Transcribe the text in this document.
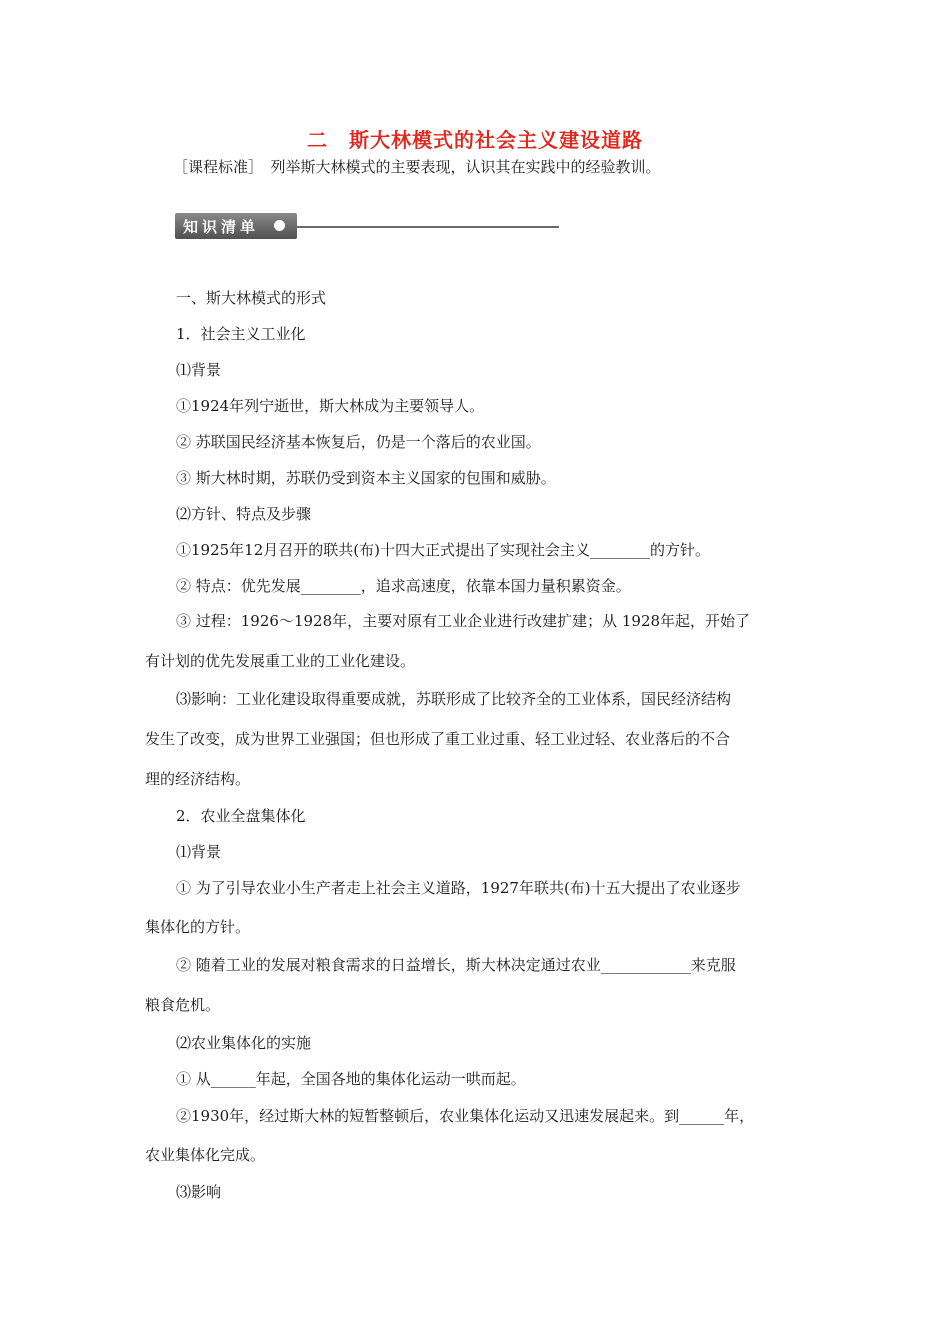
二　斯大林模式的社会主义建设道路
［课程标准］　列举斯大林模式的主要表现，认识其在实践中的经验教训。
知识清单
一、斯大林模式的形式
1．社会主义工业化
⑴背景
①1924年列宁逝世，斯大林成为主要领导人。
② 苏联国民经济基本恢复后，仍是一个落后的农业国。
③ 斯大林时期，苏联仍受到资本主义国家的包围和威胁。
⑵方针、特点及步骤
①1925年12月召开的联共(布)十四大正式提出了实现社会主义________的方针。
② 特点：优先发展________，追求高速度，依靠本国力量积累资金。
③ 过程：1926～1928年，主要对原有工业企业进行改建扩建；从 1928年起，开始了
有计划的优先发展重工业的工业化建设。
⑶影响：工业化建设取得重要成就，苏联形成了比较齐全的工业体系，国民经济结构
发生了改变，成为世界工业强国；但也形成了重工业过重、轻工业过轻、农业落后的不合
理的经济结构。
2．农业全盘集体化
⑴背景
① 为了引导农业小生产者走上社会主义道路，1927年联共(布)十五大提出了农业逐步
集体化的方针。
② 随着工业的发展对粮食需求的日益增长，斯大林决定通过农业____________来克服
粮食危机。
⑵农业集体化的实施
① 从______年起，全国各地的集体化运动一哄而起。
②1930年，经过斯大林的短暂整顿后，农业集体化运动又迅速发展起来。到______年，
农业集体化完成。
⑶影响
